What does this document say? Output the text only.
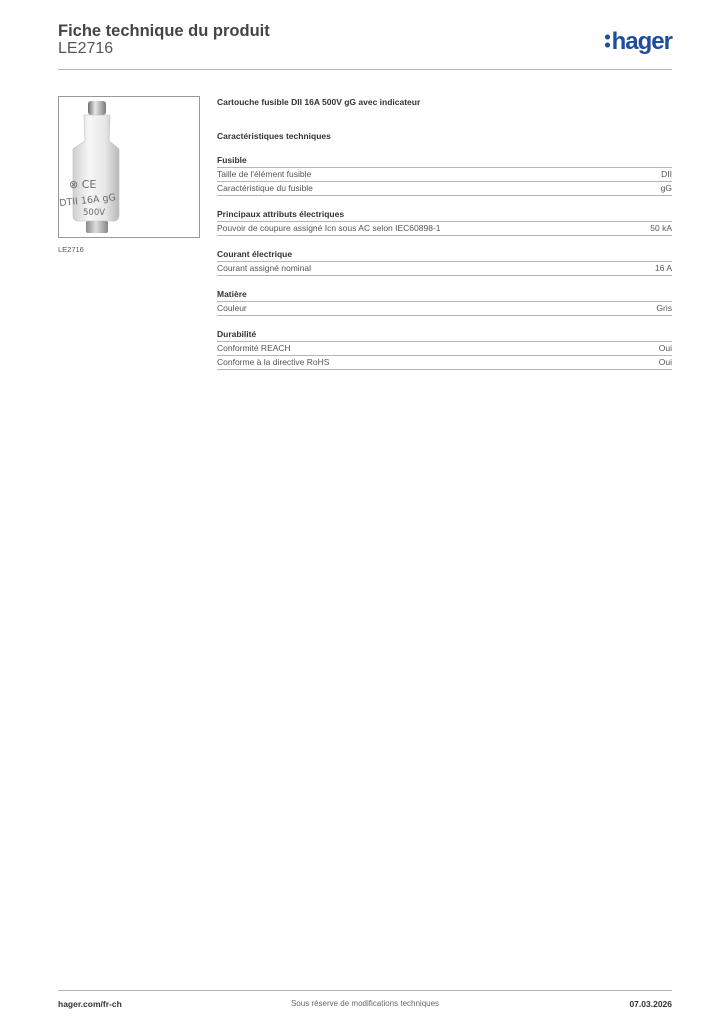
Fiche technique du produit
LE2716	hager
⊗ CE
DTII 16A gG
500V
LE2716
Cartouche fusible DII 16A 500V gG avec indicateur
Caractéristiques techniques
Fusible
Taille de l'élément fusible	DII
Caractéristique du fusible	gG
Principaux attributs électriques
Pouvoir de coupure assigné Icn sous AC selon IEC60898-1	50 kA
Courant électrique
Courant assigné nominal	16 A
Matière
Couleur	Gris
Durabilité
Conformité REACH	Oui
Conforme à la directive RoHS	Oui
hager.com/fr-ch	Sous réserve de modifications techniques	07.03.2026
